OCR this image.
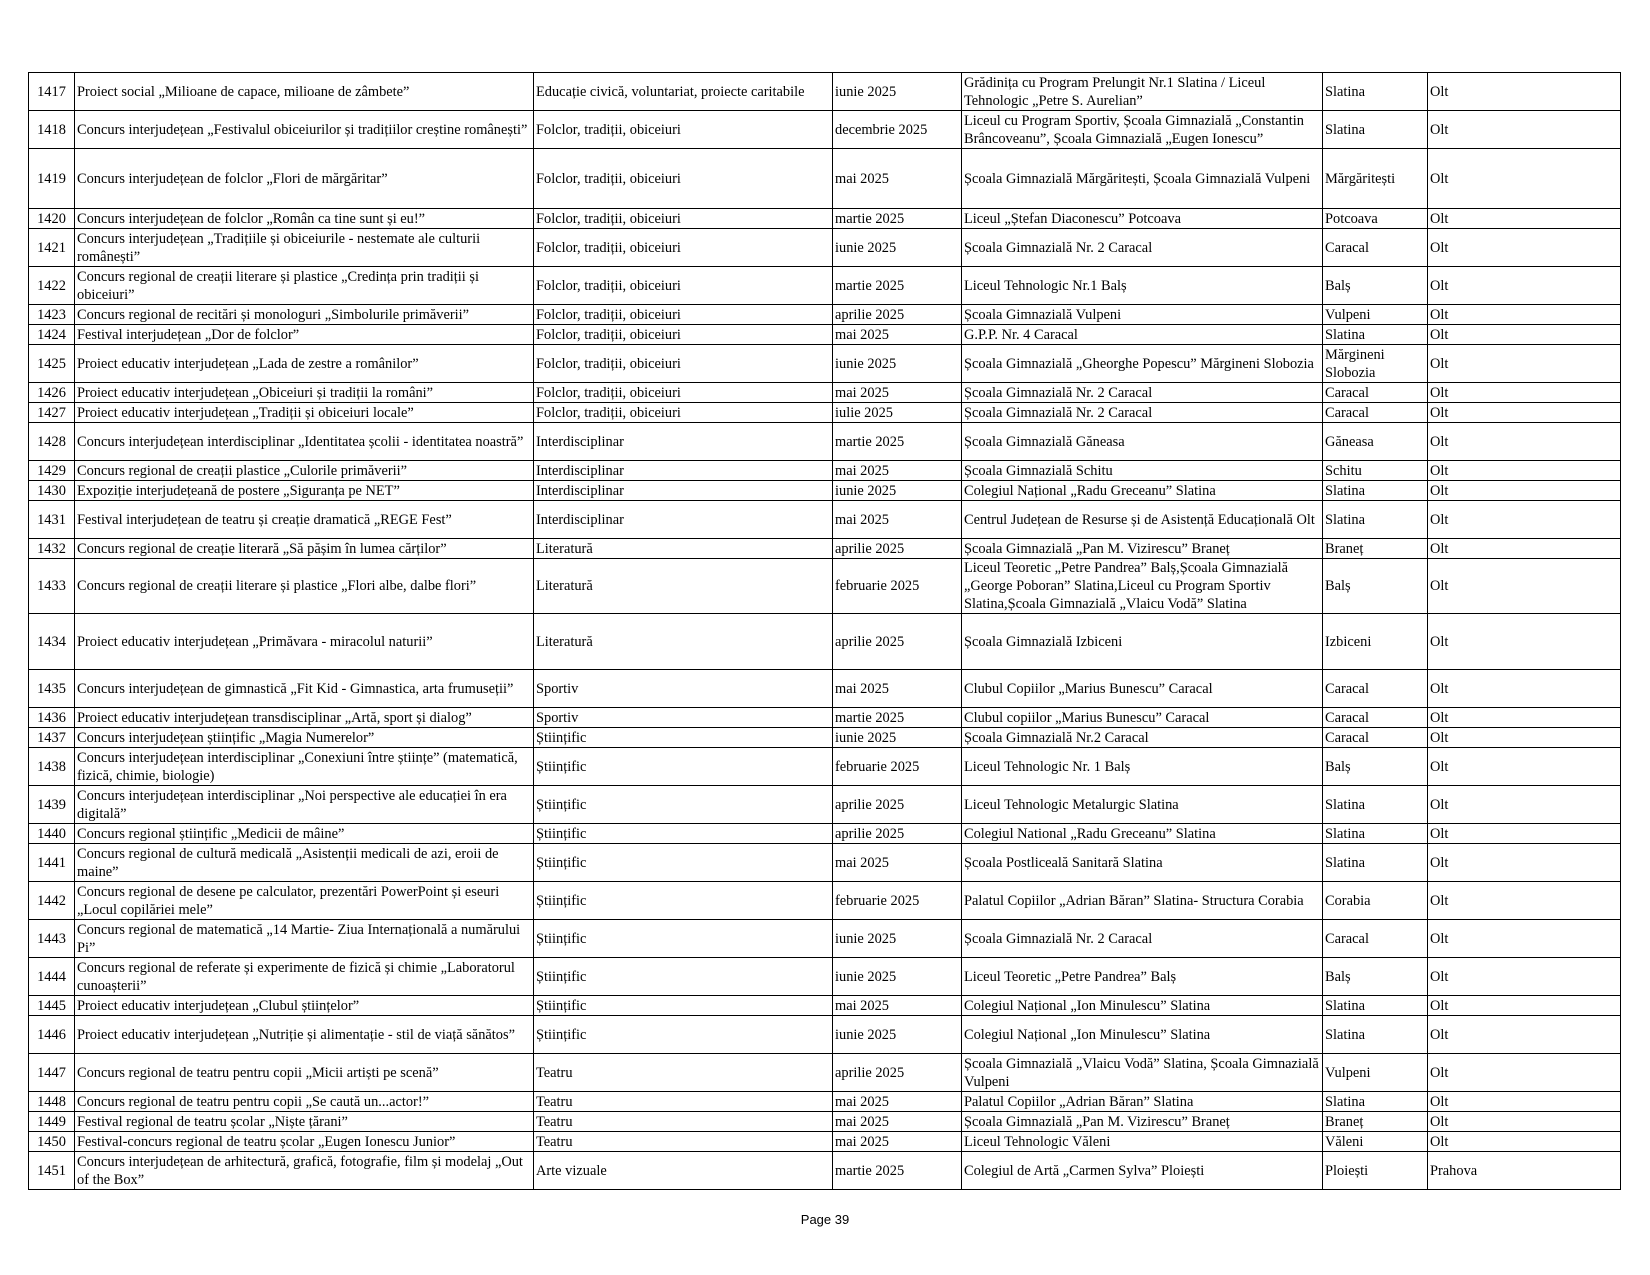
1417	Proiect social „Milioane de capace, milioane de zâmbete”	Educație civică, voluntariat, proiecte caritabile	iunie 2025	Grădinița cu Program Prelungit Nr.1 Slatina / Liceul Tehnologic „Petre S. Aurelian”	Slatina	Olt
1418	Concurs interjudețean „Festivalul obiceiurilor și tradițiilor creștine românești”	Folclor, tradiții, obiceiuri	decembrie 2025	Liceul cu Program Sportiv, Școala Gimnazială „Constantin Brâncoveanu”, Școala Gimnazială „Eugen Ionescu”	Slatina	Olt
1419	Concurs interjudețean de folclor „Flori de mărgăritar”	Folclor, tradiții, obiceiuri	mai 2025	Școala Gimnazială Mărgăritești, Școala Gimnazială Vulpeni	Mărgăritești	Olt
1420	Concurs interjudețean de folclor „Român ca tine sunt și eu!”	Folclor, tradiții, obiceiuri	martie 2025	Liceul „Ștefan Diaconescu” Potcoava	Potcoava	Olt
1421	Concurs interjudețean „Tradițiile și obiceiurile - nestemate ale culturii românești”	Folclor, tradiții, obiceiuri	iunie 2025	Școala Gimnazială Nr. 2 Caracal	Caracal	Olt
1422	Concurs regional de creații literare și plastice „Credința prin tradiții și obiceiuri”	Folclor, tradiții, obiceiuri	martie 2025	Liceul Tehnologic Nr.1 Balș	Balș	Olt
1423	Concurs regional de recitări și monologuri „Simbolurile primăverii”	Folclor, tradiții, obiceiuri	aprilie 2025	Școala Gimnazială Vulpeni	Vulpeni	Olt
1424	Festival interjudețean „Dor de folclor”	Folclor, tradiții, obiceiuri	mai 2025	G.P.P. Nr. 4 Caracal	Slatina	Olt
1425	Proiect educativ interjudețean „Lada de zestre a românilor”	Folclor, tradiții, obiceiuri	iunie 2025	Școala Gimnazială „Gheorghe Popescu” Mărgineni Slobozia	Mărgineni Slobozia	Olt
1426	Proiect educativ interjudețean „Obiceiuri și tradiții la români”	Folclor, tradiții, obiceiuri	mai 2025	Școala Gimnazială Nr. 2 Caracal	Caracal	Olt
1427	Proiect educativ interjudețean „Tradiții și obiceiuri locale”	Folclor, tradiții, obiceiuri	iulie 2025	Școala Gimnazială Nr. 2 Caracal	Caracal	Olt
1428	Concurs interjudețean interdisciplinar „Identitatea școlii - identitatea noastră”	Interdisciplinar	martie 2025	Școala Gimnazială Găneasa	Găneasa	Olt
1429	Concurs regional de creații plastice „Culorile primăverii”	Interdisciplinar	mai 2025	Școala Gimnazială Schitu	Schitu	Olt
1430	Expoziție interjudețeană de postere „Siguranța pe NET”	Interdisciplinar	iunie 2025	Colegiul Național „Radu Greceanu” Slatina	Slatina	Olt
1431	Festival interjudețean de teatru și creație dramatică „REGE Fest”	Interdisciplinar	mai 2025	Centrul Județean de Resurse și de Asistență Educațională Olt	Slatina	Olt
1432	Concurs regional de creație literară „Să pășim în lumea cărților”	Literatură	aprilie 2025	Școala Gimnazială „Pan M. Vizirescu” Braneț	Braneț	Olt
1433	Concurs regional de creații literare și plastice „Flori albe, dalbe flori”	Literatură	februarie 2025	Liceul Teoretic „Petre Pandrea” Balș,Școala Gimnazială „George Poboran” Slatina,Liceul cu Program Sportiv Slatina,Școala Gimnazială „Vlaicu Vodă” Slatina	Balș	Olt
1434	Proiect educativ interjudețean „Primăvara - miracolul naturii”	Literatură	aprilie 2025	Școala Gimnazială Izbiceni	Izbiceni	Olt
1435	Concurs interjudețean de gimnastică „Fit Kid - Gimnastica, arta frumuseții”	Sportiv	mai 2025	Clubul Copiilor „Marius Bunescu” Caracal	Caracal	Olt
1436	Proiect educativ interjudețean transdisciplinar „Artă, sport și dialog”	Sportiv	martie 2025	Clubul copiilor „Marius Bunescu” Caracal	Caracal	Olt
1437	Concurs interjudețean științific „Magia Numerelor”	Științific	iunie 2025	Școala Gimnazială Nr.2 Caracal	Caracal	Olt
1438	Concurs interjudețean interdisciplinar „Conexiuni între științe” (matematică, fizică, chimie, biologie)	Științific	februarie 2025	Liceul Tehnologic Nr. 1 Balș	Balș	Olt
1439	Concurs interjudețean interdisciplinar „Noi perspective ale educației în era digitală”	Științific	aprilie 2025	Liceul Tehnologic Metalurgic Slatina	Slatina	Olt
1440	Concurs regional științific „Medicii de mâine”	Științific	aprilie 2025	Colegiul National „Radu Greceanu” Slatina	Slatina	Olt
1441	Concurs regional de cultură medicală „Asistenții medicali de azi, eroii de maine”	Științific	mai 2025	Școala Postliceală Sanitară Slatina	Slatina	Olt
1442	Concurs regional de desene pe calculator, prezentări PowerPoint și eseuri „Locul copilăriei mele”	Științific	februarie 2025	Palatul Copiilor „Adrian Băran” Slatina- Structura Corabia	Corabia	Olt
1443	Concurs regional de matematică „14 Martie- Ziua Internațională a numărului Pi”	Științific	iunie 2025	Școala Gimnazială Nr. 2 Caracal	Caracal	Olt
1444	Concurs regional de referate și experimente de fizică și chimie „Laboratorul cunoașterii”	Științific	iunie 2025	Liceul Teoretic „Petre Pandrea” Balș	Balș	Olt
1445	Proiect educativ interjudețean „Clubul științelor”	Științific	mai 2025	Colegiul Național „Ion Minulescu” Slatina	Slatina	Olt
1446	Proiect educativ interjudețean „Nutriție și alimentație - stil de viață sănătos”	Științific	iunie 2025	Colegiul Național „Ion Minulescu” Slatina	Slatina	Olt
1447	Concurs regional de teatru pentru copii „Micii artiști pe scenă”	Teatru	aprilie 2025	Școala Gimnazială „Vlaicu Vodă” Slatina, Școala Gimnazială Vulpeni	Vulpeni	Olt
1448	Concurs regional de teatru pentru copii „Se caută un...actor!”	Teatru	mai 2025	Palatul Copiilor „Adrian Băran” Slatina	Slatina	Olt
1449	Festival regional de teatru școlar „Niște țărani”	Teatru	mai 2025	Școala Gimnazială „Pan M. Vizirescu” Braneț	Braneț	Olt
1450	Festival-concurs regional de teatru școlar „Eugen Ionescu Junior”	Teatru	mai 2025	Liceul Tehnologic Văleni	Văleni	Olt
1451	Concurs interjudețean de arhitectură, grafică, fotografie, film și modelaj „Out of the Box”	Arte vizuale	martie 2025	Colegiul de Artă „Carmen Sylva” Ploiești	Ploiești	Prahova
Page 39
